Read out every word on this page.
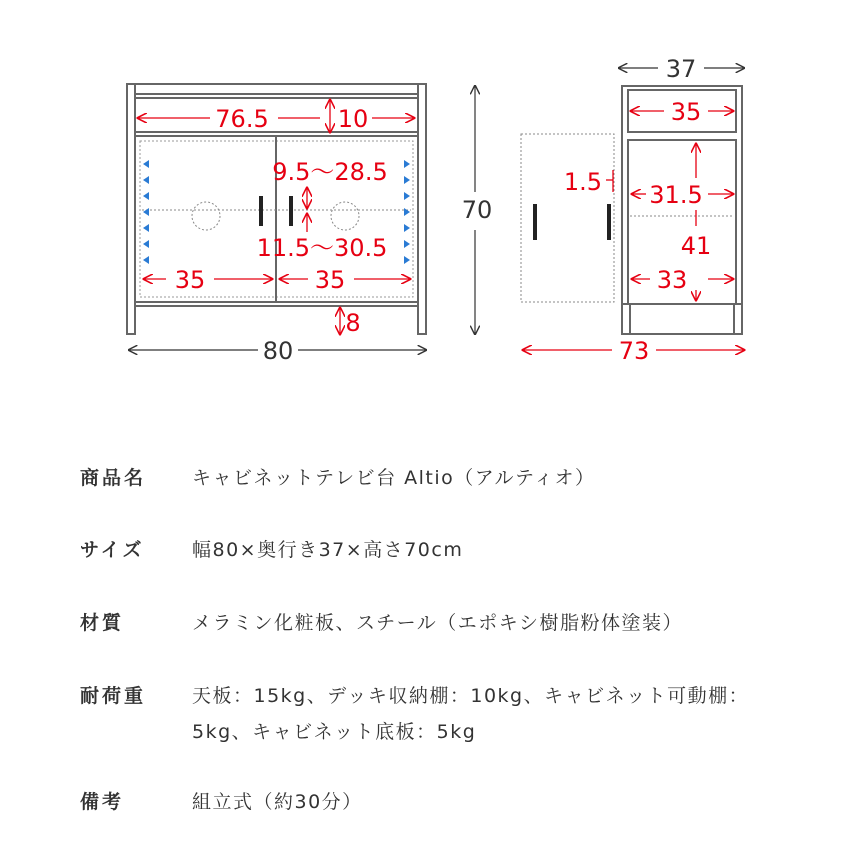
76.5	10
9.5〜28.5
11.5〜30.5
35	35
8
80
70
37
35
1.5 31.5
41
33
73
商品名	キャビネットテレビ台 Altio（アルティオ）
サイズ	幅80×奥行き37×高さ70cm
材質	メラミン化粧板、スチール（エポキシ樹脂粉体塗装）
耐荷重	天板：15kg、デッキ収納棚：10kg、キャビネット可動棚：5kg、キャビネット底板：5kg
備考	組立式（約30分）
